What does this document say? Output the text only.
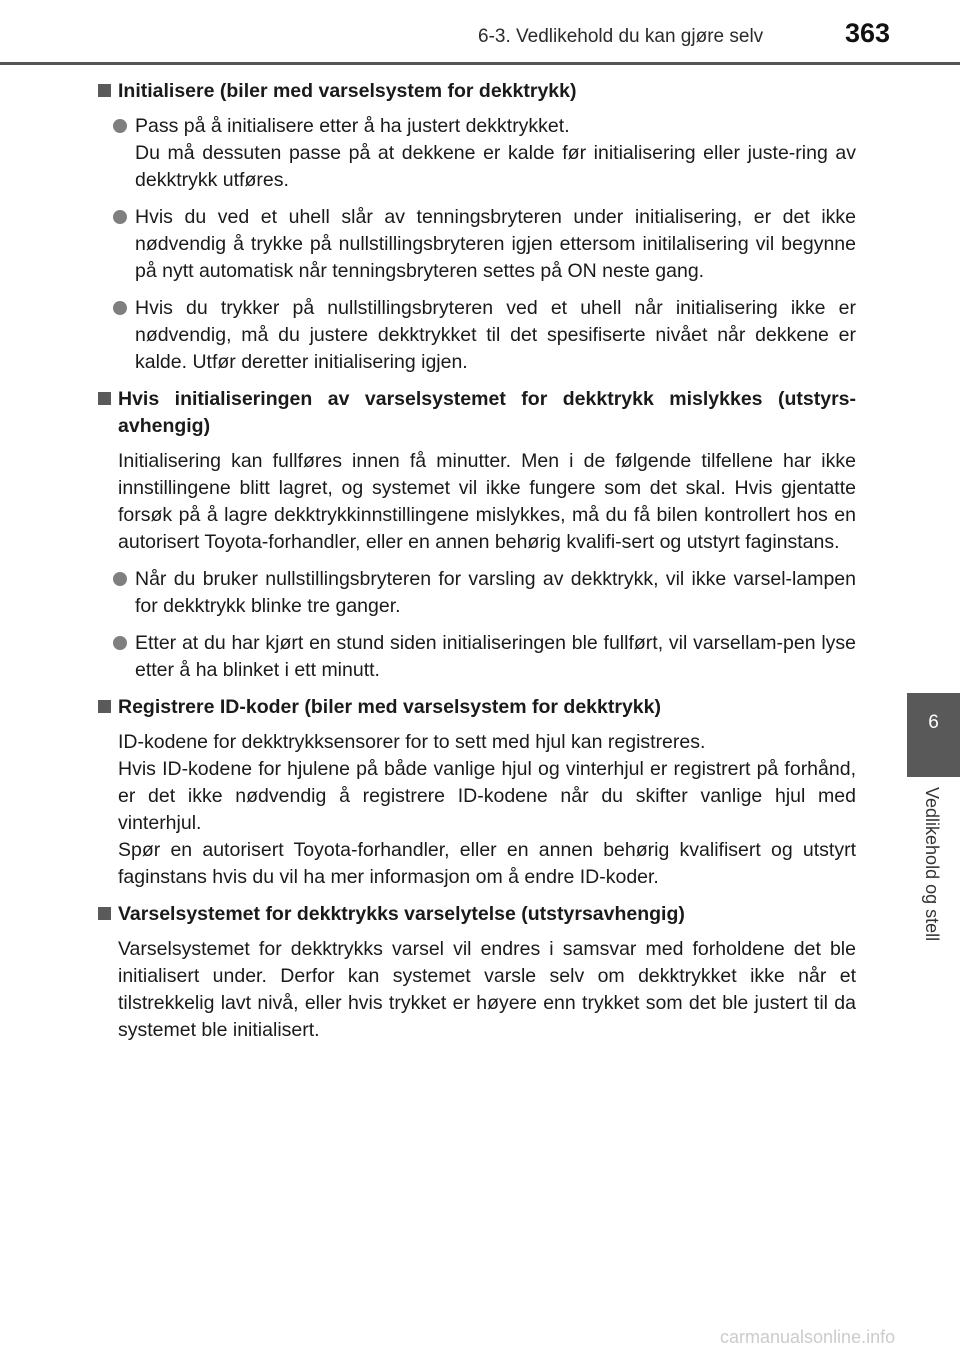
6-3. Vedlikehold du kan gjøre selv	363
6
Vedlikehold og stell
Initialisere (biler med varselsystem for dekktrykk)
Pass på å initialisere etter å ha justert dekktrykket.
Du må dessuten passe på at dekkene er kalde før initialisering eller juste-ring av dekktrykk utføres.
Hvis du ved et uhell slår av tenningsbryteren under initialisering, er det ikke nødvendig å trykke på nullstillingsbryteren igjen ettersom initilalisering vil begynne på nytt automatisk når tenningsbryteren settes på ON neste gang.
Hvis du trykker på nullstillingsbryteren ved et uhell når initialisering ikke er nødvendig, må du justere dekktrykket til det spesifiserte nivået når dekkene er kalde. Utfør deretter initialisering igjen.
Hvis initialiseringen av varselsystemet for dekktrykk mislykkes (utstyrs-avhengig)
Initialisering kan fullføres innen få minutter. Men i de følgende tilfellene har ikke innstillingene blitt lagret, og systemet vil ikke fungere som det skal. Hvis gjentatte forsøk på å lagre dekktrykkinnstillingene mislykkes, må du få bilen kontrollert hos en autorisert Toyota-forhandler, eller en annen behørig kvalifi-sert og utstyrt faginstans.
Når du bruker nullstillingsbryteren for varsling av dekktrykk, vil ikke varsel-lampen for dekktrykk blinke tre ganger.
Etter at du har kjørt en stund siden initialiseringen ble fullført, vil varsellam-pen lyse etter å ha blinket i ett minutt.
Registrere ID-koder (biler med varselsystem for dekktrykk)
ID-kodene for dekktrykksensorer for to sett med hjul kan registreres.
Hvis ID-kodene for hjulene på både vanlige hjul og vinterhjul er registrert på forhånd, er det ikke nødvendig å registrere ID-kodene når du skifter vanlige hjul med vinterhjul.
Spør en autorisert Toyota-forhandler, eller en annen behørig kvalifisert og utstyrt faginstans hvis du vil ha mer informasjon om å endre ID-koder.
Varselsystemet for dekktrykks varselytelse (utstyrsavhengig)
Varselsystemet for dekktrykks varsel vil endres i samsvar med forholdene det ble initialisert under. Derfor kan systemet varsle selv om dekktrykket ikke når et tilstrekkelig lavt nivå, eller hvis trykket er høyere enn trykket som det ble justert til da systemet ble initialisert.
carmanualsonline.info
